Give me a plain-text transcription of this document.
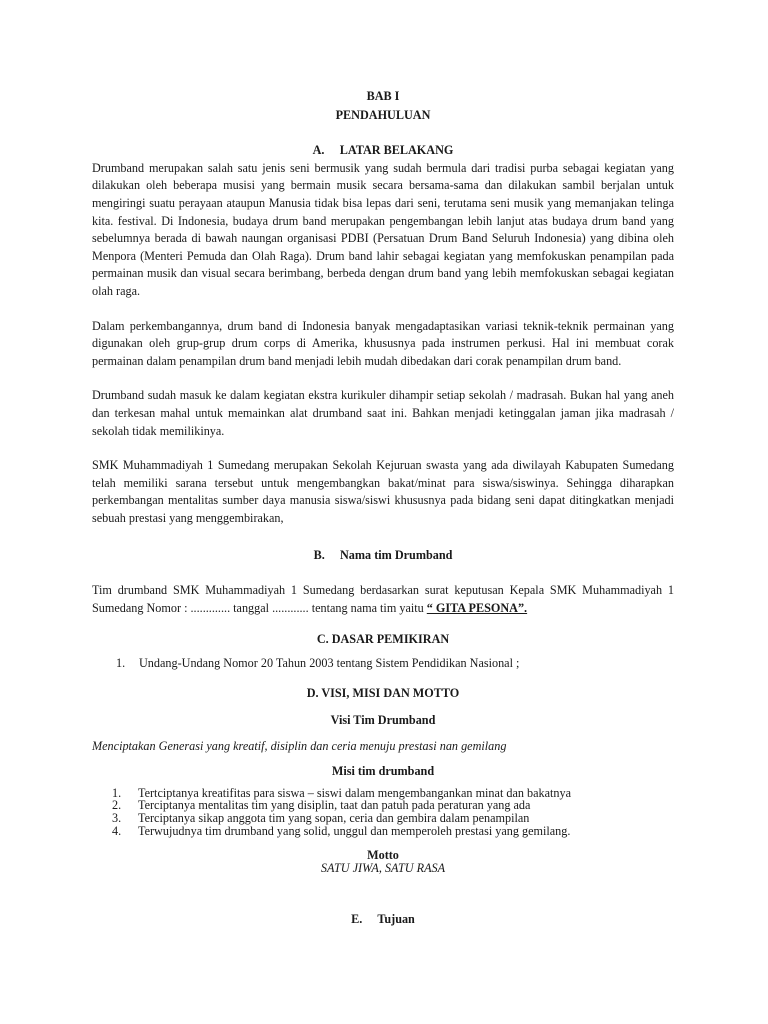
BAB I

PENDAHULUAN

A. LATAR BELAKANG

Drumband merupakan salah satu jenis seni bermusik yang sudah bermula dari tradisi purba sebagai kegiatan yang dilakukan oleh beberapa musisi yang bermain musik secara bersama-sama dan dilakukan sambil berjalan untuk mengiringi suatu perayaan ataupun Manusia tidak bisa lepas dari seni, terutama seni musik yang memanjakan telinga kita. festival. Di Indonesia, budaya drum band merupakan pengembangan lebih lanjut atas budaya drum band yang sebelumnya berada di bawah naungan organisasi PDBI (Persatuan Drum Band Seluruh Indonesia) yang dibina oleh Menpora (Menteri Pemuda dan Olah Raga). Drum band lahir sebagai kegiatan yang memfokuskan penampilan pada permainan musik dan visual secara berimbang, berbeda dengan drum band yang lebih memfokuskan sebagai kegiatan olah raga.

Dalam perkembangannya, drum band di Indonesia banyak mengadaptasikan variasi teknik-teknik permainan yang digunakan oleh grup-grup drum corps di Amerika, khususnya pada instrumen perkusi. Hal ini membuat corak permainan dalam penampilan drum band menjadi lebih mudah dibedakan dari corak penampilan drum band.

Drumband sudah masuk ke dalam kegiatan ekstra kurikuler dihampir setiap sekolah / madrasah. Bukan hal yang aneh dan terkesan mahal untuk memainkan alat drumband saat ini. Bahkan menjadi ketinggalan jaman jika madrasah / sekolah tidak memilikinya.

SMK Muhammadiyah 1 Sumedang merupakan Sekolah Kejuruan swasta yang ada diwilayah Kabupaten Sumedang telah memiliki sarana tersebut untuk mengembangkan bakat/minat para siswa/siswinya. Sehingga diharapkan perkembangan mentalitas sumber daya manusia siswa/siswi khususnya pada bidang seni dapat ditingkatkan menjadi sebuah prestasi yang menggembirakan,

B. Nama tim Drumband

Tim drumband SMK Muhammadiyah 1 Sumedang berdasarkan surat keputusan Kepala SMK Muhammadiyah 1 Sumedang Nomor : ............. tanggal ............ tentang nama tim yaitu “ GITA PESONA”.

C. DASAR PEMIKIRAN

1. Undang-Undang Nomor 20 Tahun 2003 tentang Sistem Pendidikan Nasional ;

D. VISI, MISI DAN MOTTO

Visi Tim Drumband

Menciptakan Generasi yang kreatif, disiplin dan ceria menuju prestasi nan gemilang

Misi tim drumband

1. Tertciptanya kreatifitas para siswa – siswi dalam mengembangankan minat dan bakatnya
2. Terciptanya mentalitas tim yang disiplin, taat dan patuh pada peraturan yang ada
3. Terciptanya sikap anggota tim yang sopan, ceria dan gembira dalam penampilan
4. Terwujudnya tim drumband yang solid, unggul dan memperoleh prestasi yang gemilang.

Motto

SATU JIWA, SATU RASA

E. Tujuan
